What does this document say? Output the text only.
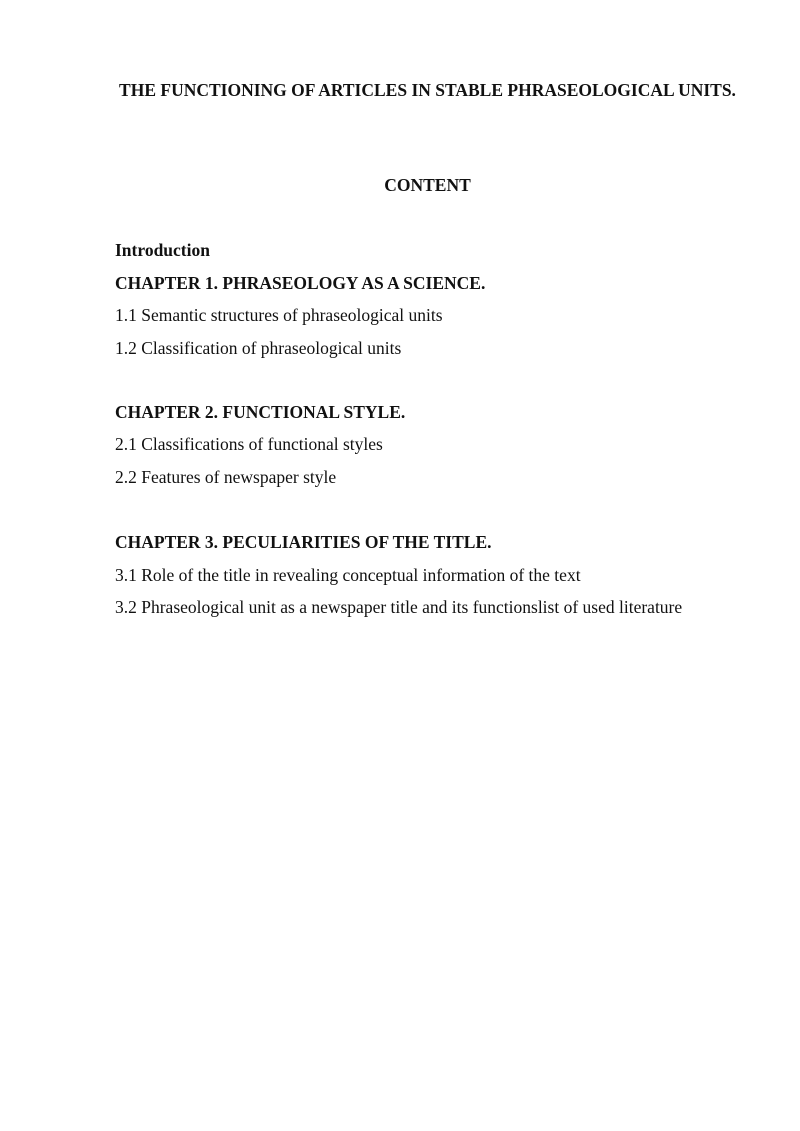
THE FUNCTIONING OF ARTICLES IN STABLE PHRASEOLOGICAL UNITS.
CONTENT

Introduction

CHAPTER 1. PHRASEOLOGY AS A SCIENCE.

1.1 Semantic structures of phraseological units

1.2 Classification of phraseological units

CHAPTER 2. FUNCTIONAL STYLE.

2.1 Classifications of functional styles

2.2 Features of newspaper style

CHAPTER 3. PECULIARITIES OF THE TITLE.

3.1 Role of the title in revealing conceptual information of the text

3.2 Phraseological unit as a newspaper title and its functionslist of used literature
